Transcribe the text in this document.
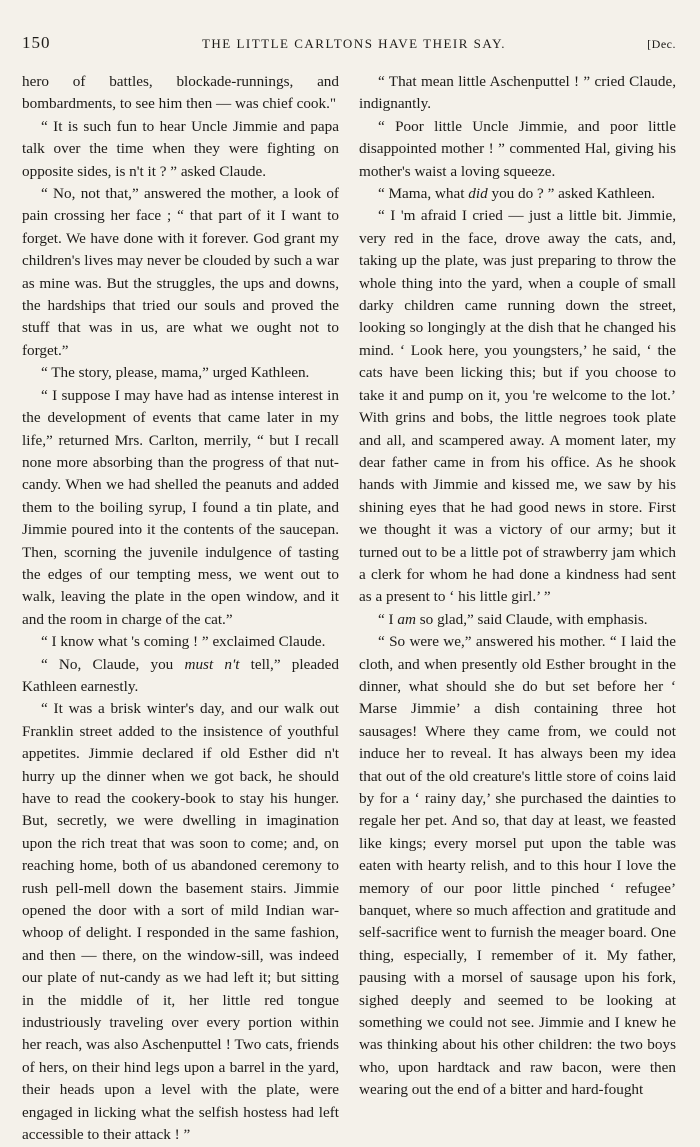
150	THE LITTLE CARLTONS HAVE THEIR SAY.	[Dec.

hero of battles, blockade-runnings, and bombardments, to see him then — was chief cook."

“ It is such fun to hear Uncle Jimmie and papa talk over the time when they were fighting on opposite sides, is n't it ? ” asked Claude.

“ No, not that,” answered the mother, a look of pain crossing her face ; “ that part of it I want to forget. We have done with it forever. God grant my children's lives may never be clouded by such a war as mine was. But the struggles, the ups and downs, the hardships that tried our souls and proved the stuff that was in us, are what we ought not to forget.”

“ The story, please, mama,” urged Kathleen.

“ I suppose I may have had as intense interest in the development of events that came later in my life,” returned Mrs. Carlton, merrily, “ but I recall none more absorbing than the progress of that nut-candy. When we had shelled the peanuts and added them to the boiling syrup, I found a tin plate, and Jimmie poured into it the contents of the saucepan. Then, scorning the juvenile indulgence of tasting the edges of our tempting mess, we went out to walk, leaving the plate in the open window, and it and the room in charge of the cat.”

“ I know what 's coming ! ” exclaimed Claude.

“ No, Claude, you must n't tell,” pleaded Kathleen earnestly.

“ It was a brisk winter's day, and our walk out Franklin street added to the insistence of youthful appetites. Jimmie declared if old Esther did n't hurry up the dinner when we got back, he should have to read the cookery-book to stay his hunger. But, secretly, we were dwelling in imagination upon the rich treat that was soon to come; and, on reaching home, both of us abandoned ceremony to rush pell-mell down the basement stairs. Jimmie opened the door with a sort of mild Indian war-whoop of delight. I responded in the same fashion, and then — there, on the window-sill, was indeed our plate of nut-candy as we had left it; but sitting in the middle of it, her little red tongue industriously traveling over every portion within her reach, was also Aschenputtel ! Two cats, friends of hers, on their hind legs upon a barrel in the yard, their heads upon a level with the plate, were engaged in licking what the selfish hostess had left accessible to their attack ! ”

“ That mean little Aschenputtel ! ” cried Claude, indignantly.

“ Poor little Uncle Jimmie, and poor little disappointed mother ! ” commented Hal, giving his mother's waist a loving squeeze.

“ Mama, what did you do ? ” asked Kathleen.

“ I 'm afraid I cried — just a little bit. Jimmie, very red in the face, drove away the cats, and, taking up the plate, was just preparing to throw the whole thing into the yard, when a couple of small darky children came running down the street, looking so longingly at the dish that he changed his mind. ‘ Look here, you youngsters,’ he said, ‘ the cats have been licking this; but if you choose to take it and pump on it, you 're welcome to the lot.’ With grins and bobs, the little negroes took plate and all, and scampered away. A moment later, my dear father came in from his office. As he shook hands with Jimmie and kissed me, we saw by his shining eyes that he had good news in store. First we thought it was a victory of our army; but it turned out to be a little pot of strawberry jam which a clerk for whom he had done a kindness had sent as a present to ‘ his little girl.’ ”

“ I am so glad,” said Claude, with emphasis.

“ So were we,” answered his mother. “ I laid the cloth, and when presently old Esther brought in the dinner, what should she do but set before her ‘ Marse Jimmie’ a dish containing three hot sausages! Where they came from, we could not induce her to reveal. It has always been my idea that out of the old creature's little store of coins laid by for a ‘ rainy day,’ she purchased the dainties to regale her pet. And so, that day at least, we feasted like kings; every morsel put upon the table was eaten with hearty relish, and to this hour I love the memory of our poor little pinched ‘ refugee’ banquet, where so much affection and gratitude and self-sacrifice went to furnish the meager board. One thing, especially, I remember of it. My father, pausing with a morsel of sausage upon his fork, sighed deeply and seemed to be looking at something we could not see. Jimmie and I knew he was thinking about his other children: the two boys who, upon hardtack and raw bacon, were then wearing out the end of a bitter and hard-fought
